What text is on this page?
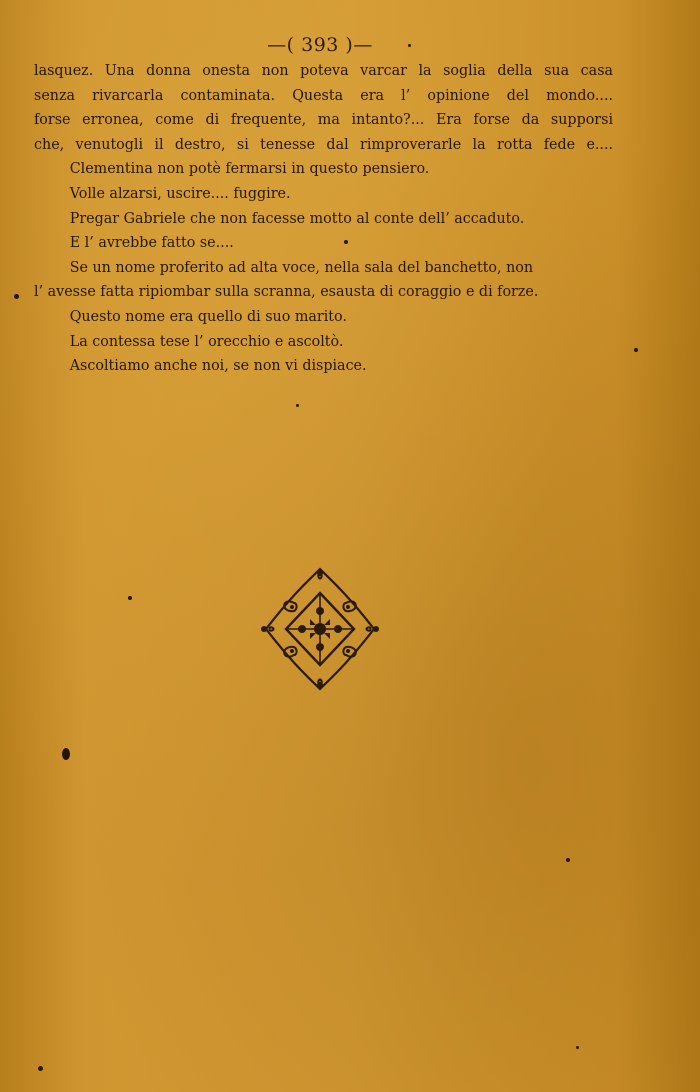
—( 393 )—
lasquez. Una donna onesta non poteva varcar la soglia della sua casa
senza rivarcarla contaminata. Questa era l’ opinione del mondo....
forse erronea, come di frequente, ma intanto?... Era forse da supporsi
che, venutogli il destro, si tenesse dal rimproverarle la rotta fede e....
Clementina non potè fermarsi in questo pensiero.
Volle alzarsi, uscire.... fuggire.
Pregar Gabriele che non facesse motto al conte dell’ accaduto.
E l’ avrebbe fatto se....
Se un nome proferito ad alta voce, nella sala del banchetto, non
l’ avesse fatta ripiombar sulla scranna, esausta di coraggio e di forze.
Questo nome era quello di suo marito.
La contessa tese l’ orecchio e ascoltò.
Ascoltiamo anche noi, se non vi dispiace.
